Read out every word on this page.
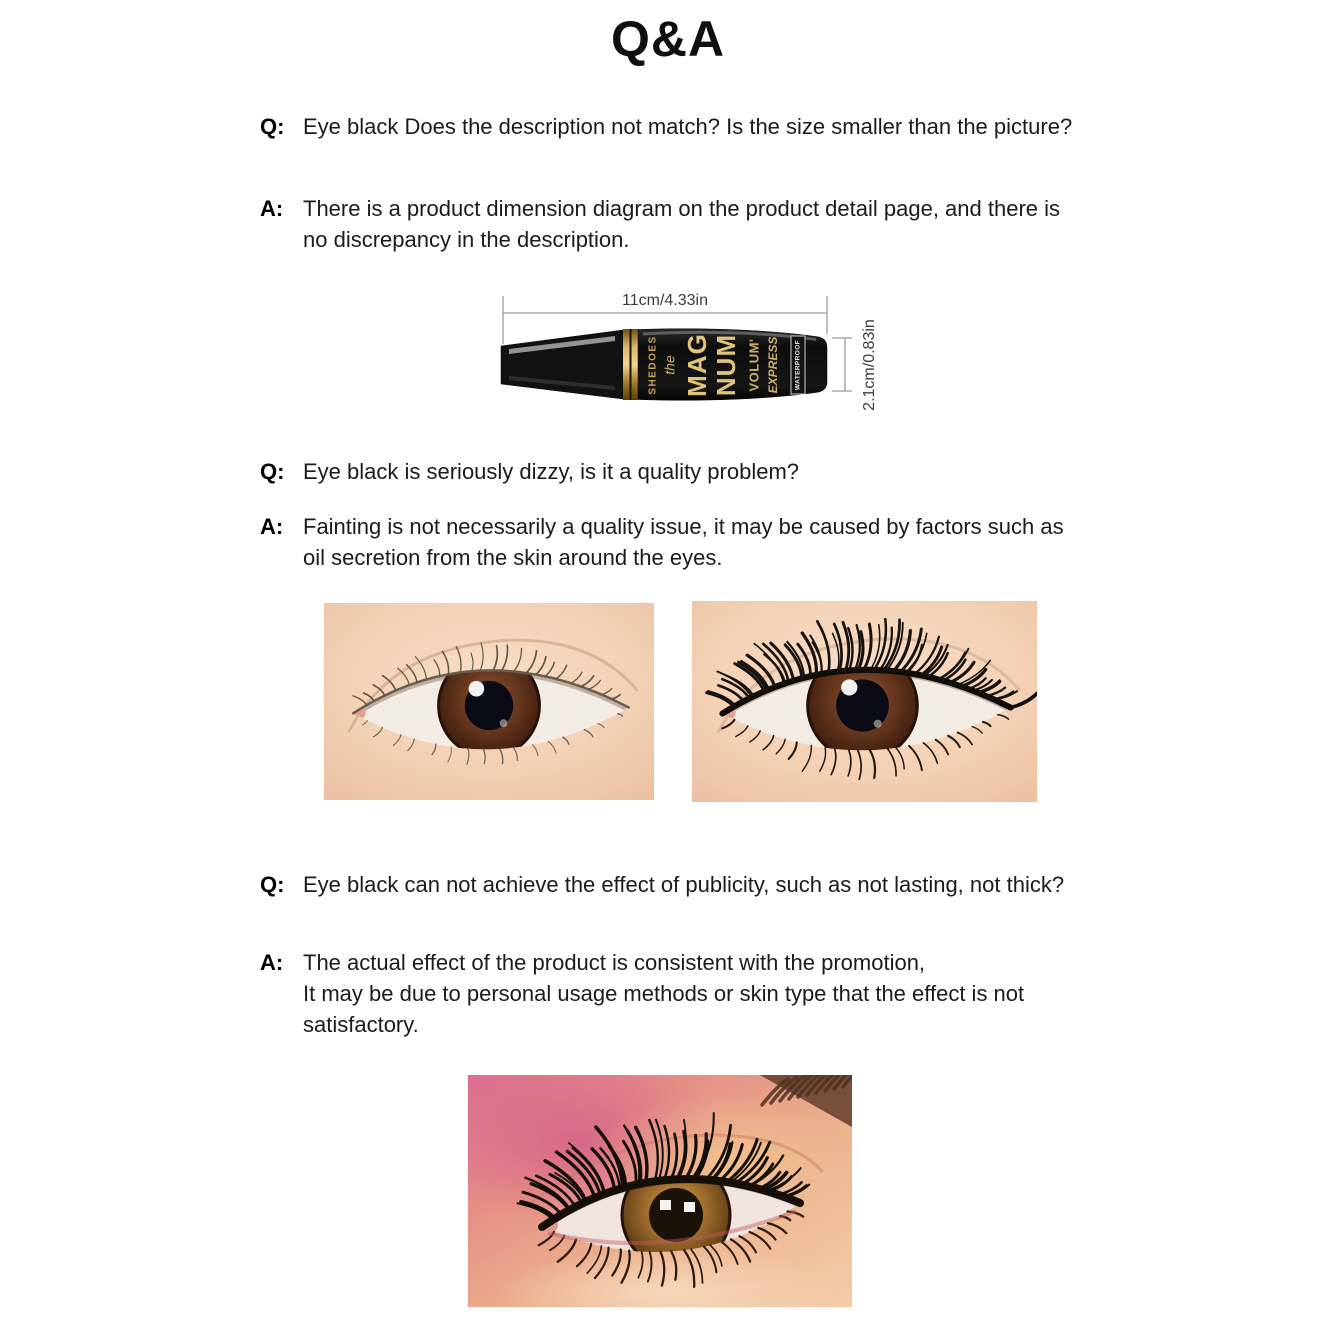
Q&A
Q: Eye black Does the description not match? Is the size smaller than the picture?

A: There is a product dimension diagram on the product detail page, and there is no discrepancy in the description.

11cm/4.33in
2.1cm/0.83in
SHEDOES the MAG NUM VOLUM' EXPRESS WATERPROOF
Q: Eye black is seriously dizzy, is it a quality problem?

A: Fainting is not necessarily a quality issue, it may be caused by factors such as oil secretion from the skin around the eyes.

Q: Eye black can not achieve the effect of publicity, such as not lasting, not thick?

A: The actual effect of the product is consistent with the promotion,
It may be due to personal usage methods or skin type that the effect is not satisfactory.
